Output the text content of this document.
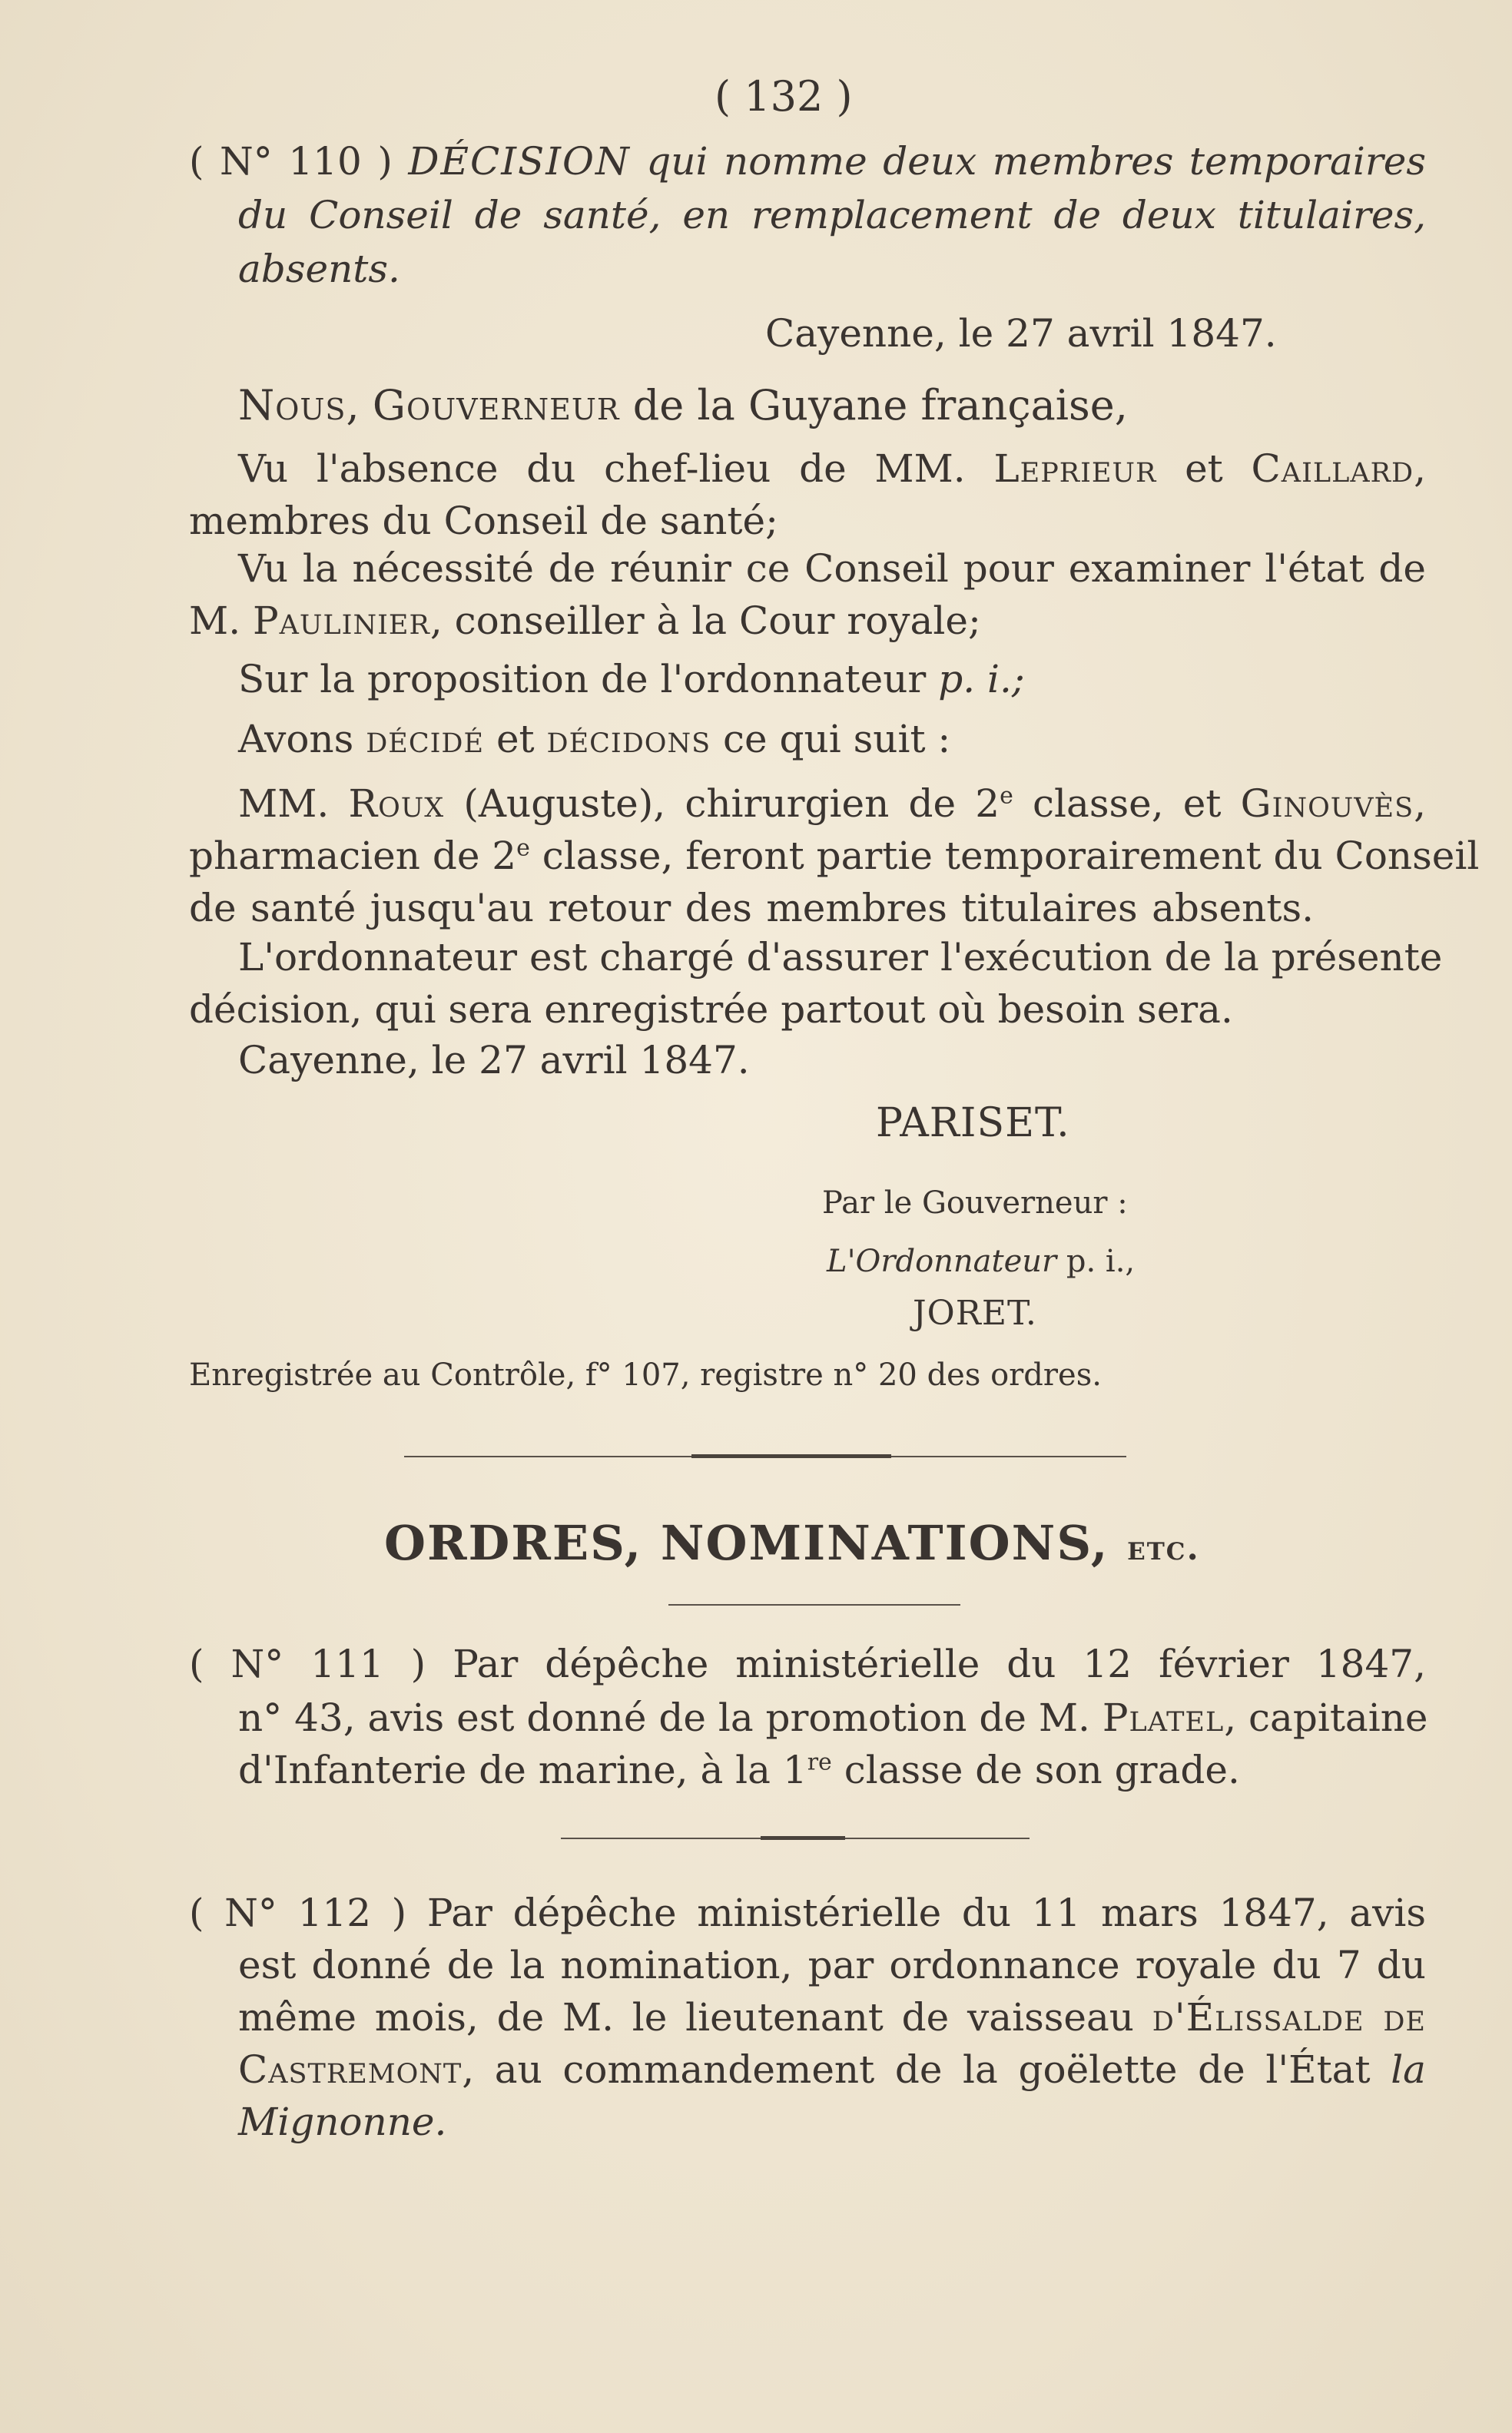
( 132 )

( N° 110 ) DÉCISION qui nomme deux membres temporaires

du Conseil de santé, en remplacement de deux titulaires,

absents.

Cayenne, le 27 avril 1847.

Nous, Gouverneur de la Guyane française,

Vu l'absence du chef-lieu de MM. Leprieur et Caillard,

membres du Conseil de santé;

Vu la nécessité de réunir ce Conseil pour examiner l'état de

M. Paulinier, conseiller à la Cour royale;

Sur la proposition de l'ordonnateur p. i.;

Avons décidé et décidons ce qui suit :

MM. Roux (Auguste), chirurgien de 2e classe, et Ginouvès,

pharmacien de 2e classe, feront partie temporairement du Conseil

de santé jusqu'au retour des membres titulaires absents.

L'ordonnateur est chargé d'assurer l'exécution de la présente

décision, qui sera enregistrée partout où besoin sera.

Cayenne, le 27 avril 1847.

PARISET.

Par le Gouverneur :

L'Ordonnateur p. i.,

JORET.

Enregistrée au Contrôle, f° 107, registre n° 20 des ordres.

ORDRES, NOMINATIONS, etc.

( N° 111 ) Par dépêche ministérielle du 12 février 1847,

n° 43, avis est donné de la promotion de M. Platel, capitaine

d'Infanterie de marine, à la 1re classe de son grade.

( N° 112 ) Par dépêche ministérielle du 11 mars 1847, avis

est donné de la nomination, par ordonnance royale du 7 du

même mois, de M. le lieutenant de vaisseau d'Élissalde de

Castremont, au commandement de la goëlette de l'État la

Mignonne.
